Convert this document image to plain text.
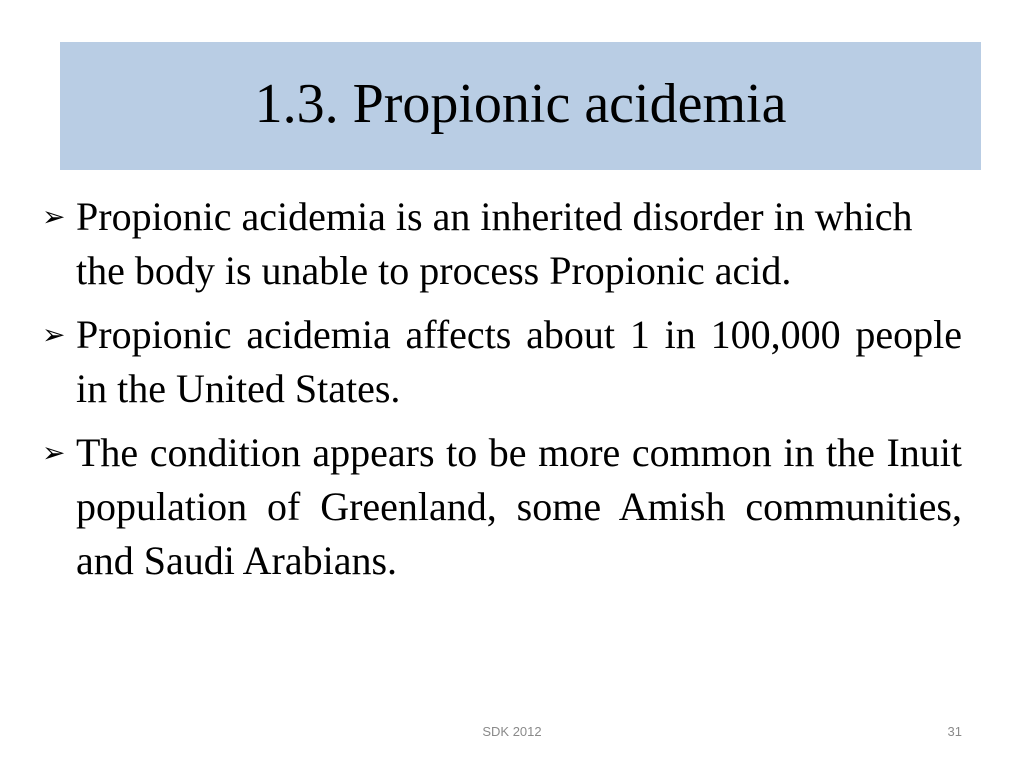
1.3. Propionic acidemia
➢ Propionic acidemia is an inherited disorder in which the body is unable to process Propionic acid.
➢ Propionic acidemia affects about 1 in 100,000 people in the United States.
➢ The condition appears to be more common in the Inuit population of Greenland, some Amish communities, and Saudi Arabians.
SDK 2012	31
